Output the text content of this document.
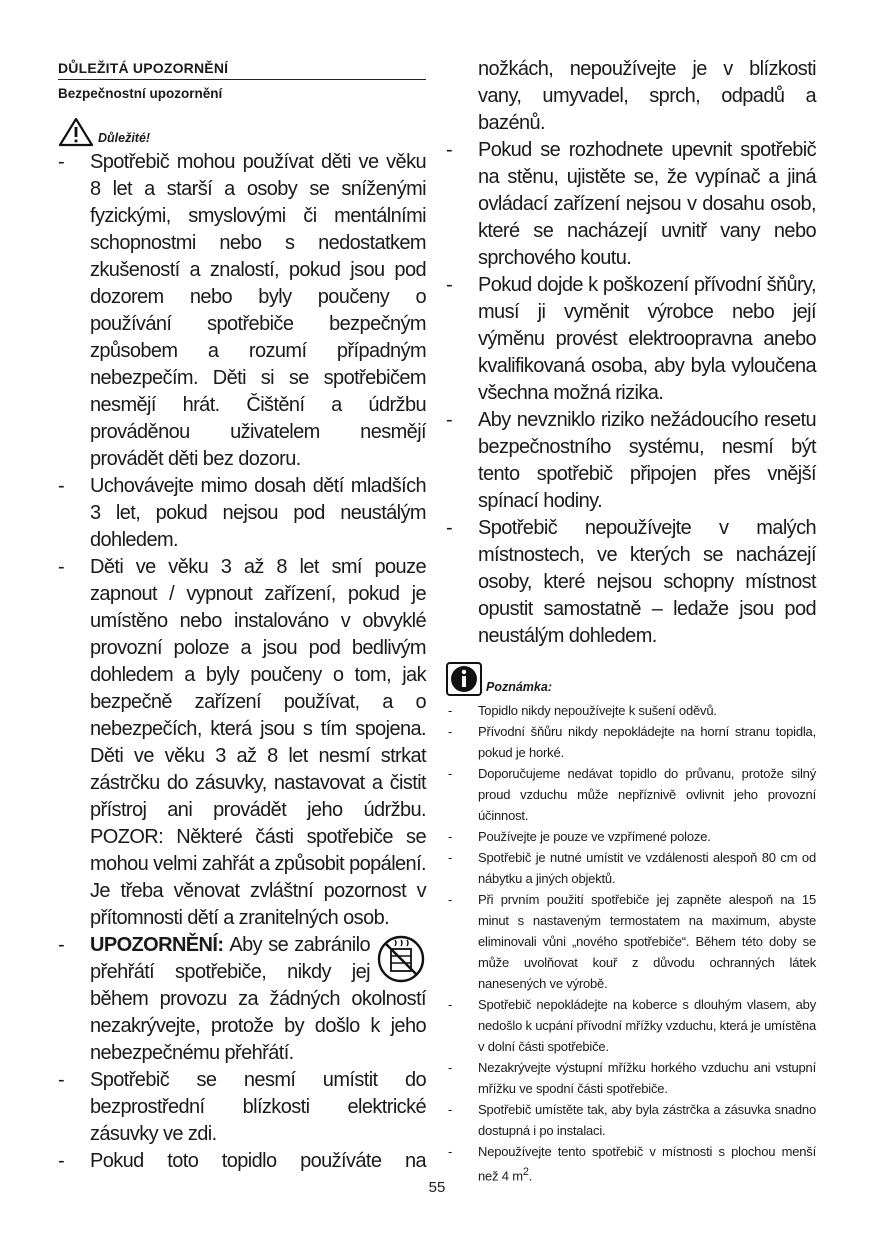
DŮLEŽITÁ UPOZORNĚNÍ
Bezpečnostní upozornění
Důležité!
- Spotřebič mohou používat děti ve věku 8 let a starší a osoby se sníženými fyzickými, smyslovými či mentálními schopnostmi nebo s nedostatkem zkušeností a znalostí, pokud jsou pod dozorem nebo byly poučeny o používání spotřebiče bezpečným způsobem a rozumí případným nebezpečím. Děti si se spotřebičem nesmějí hrát. Čištění a údržbu prováděnou uživatelem nesmějí provádět děti bez dozoru.
- Uchovávejte mimo dosah dětí mladších 3 let, pokud nejsou pod neustálým dohledem.
- Děti ve věku 3 až 8 let smí pouze zapnout / vypnout zařízení, pokud je umístěno nebo instalováno v obvyklé provozní poloze a jsou pod bedlivým dohledem a byly poučeny o tom, jak bezpečně zařízení používat, a o nebezpečích, která jsou s tím spojena. Děti ve věku 3 až 8 let nesmí strkat zástrčku do zásuvky, nastavovat a čistit přístroj ani provádět jeho údržbu. POZOR: Některé části spotřebiče se mohou velmi zahřát a způsobit popálení. Je třeba věnovat zvláštní pozornost v přítomnosti dětí a zranitelných osob.
- UPOZORNĚNÍ: Aby se zabránilo přehřátí spotřebiče, nikdy jej během provozu za žádných okolností nezakrývejte, protože by došlo k jeho nebezpečnému přehřátí.
- Spotřebič se nesmí umístit do bezprostřední blízkosti elektrické zásuvky ve zdi.
- Pokud toto topidlo používáte na
nožkách, nepoužívejte je v blízkosti vany, umyvadel, sprch, odpadů a bazénů.
- Pokud se rozhodnete upevnit spotřebič na stěnu, ujistěte se, že vypínač a jiná ovládací zařízení nejsou v dosahu osob, které se nacházejí uvnitř vany nebo sprchového koutu.
- Pokud dojde k poškození přívodní šňůry, musí ji vyměnit výrobce nebo její výměnu provést elektroopravna anebo kvalifikovaná osoba, aby byla vyloučena všechna možná rizika.
- Aby nevzniklo riziko nežádoucího resetu bezpečnostního systému, nesmí být tento spotřebič připojen přes vnější spínací hodiny.
- Spotřebič nepoužívejte v malých místnostech, ve kterých se nacházejí osoby, které nejsou schopny místnost opustit samostatně – ledaže jsou pod neustálým dohledem.
Poznámka:
- Topidlo nikdy nepoužívejte k sušení oděvů.
- Přívodní šňůru nikdy nepokládejte na horní stranu topidla, pokud je horké.
- Doporučujeme nedávat topidlo do průvanu, protože silný proud vzduchu může nepříznivě ovlivnit jeho provozní účinnost.
- Používejte je pouze ve vzpřímené poloze.
- Spotřebič je nutné umístit ve vzdálenosti alespoň 80 cm od nábytku a jiných objektů.
- Při prvním použití spotřebiče jej zapněte alespoň na 15 minut s nastaveným termostatem na maximum, abyste eliminovali vůni „nového spotřebiče“. Během této doby se může uvolňovat kouř z důvodu ochranných látek nanesených ve výrobě.
- Spotřebič nepokládejte na koberce s dlouhým vlasem, aby nedošlo k ucpání přívodní mřížky vzduchu, která je umístěna v dolní části spotřebiče.
- Nezakrývejte výstupní mřížku horkého vzduchu ani vstupní mřížku ve spodní části spotřebiče.
- Spotřebič umístěte tak, aby byla zástrčka a zásuvka snadno dostupná i po instalaci.
- Nepoužívejte tento spotřebič v místnosti s plochou menší než 4 $m^2$.
55
